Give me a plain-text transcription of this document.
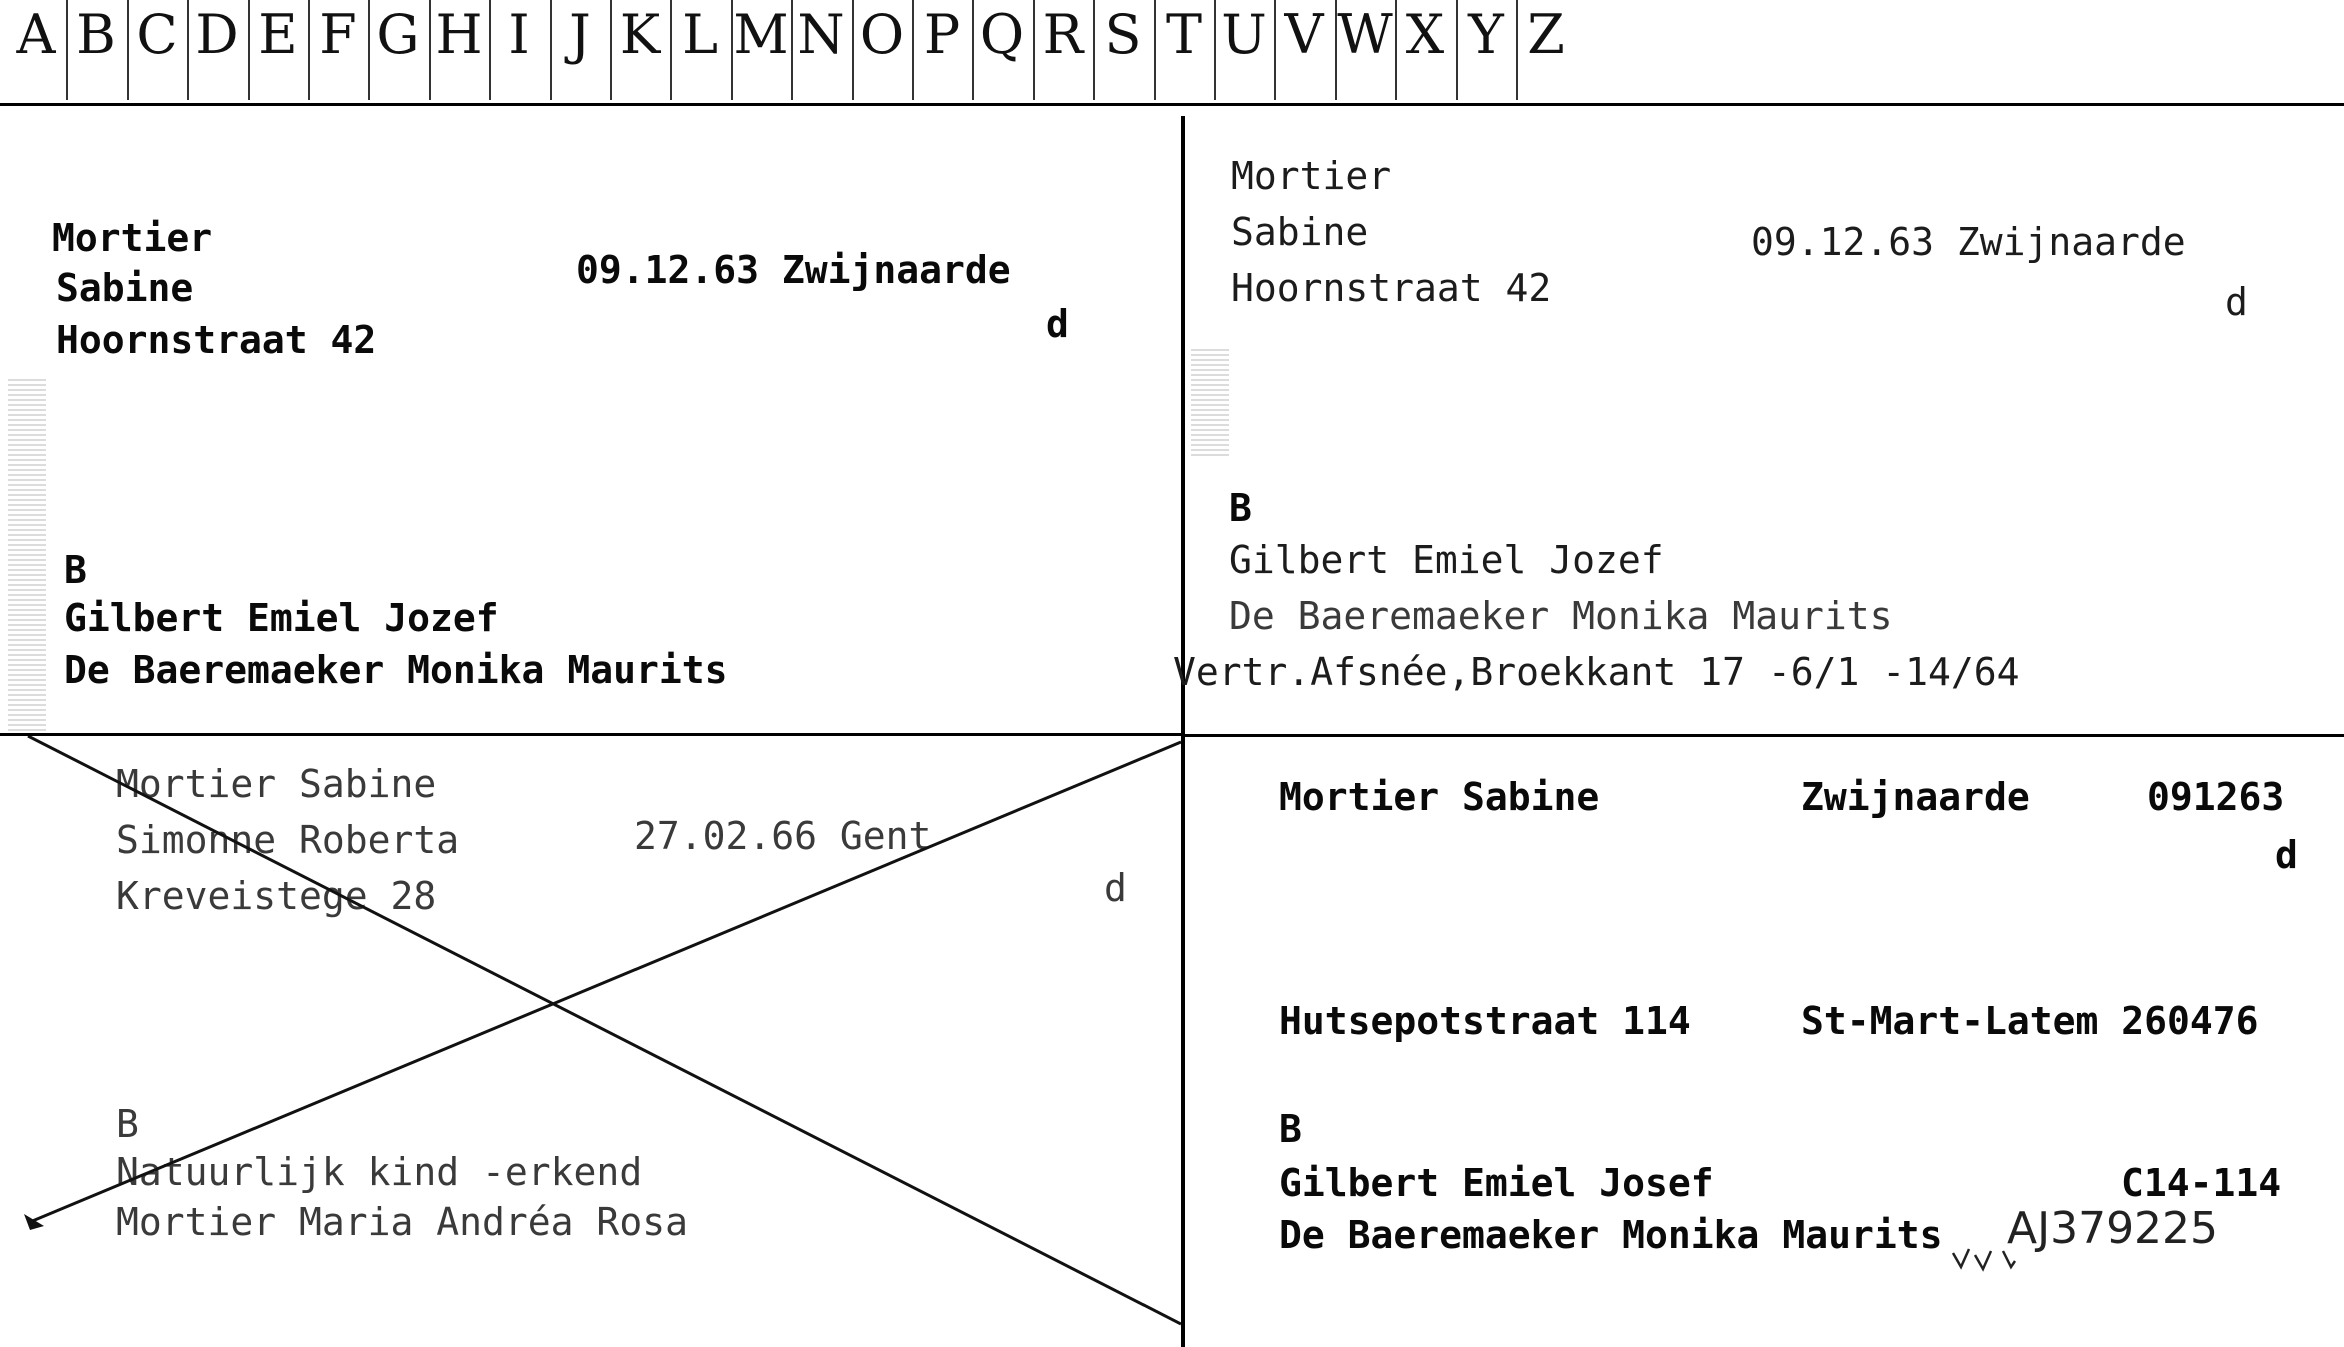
A B C D E F G H I J K L M N O P Q R S T U V W X Y Z
Mortier
Sabine	09.12.63 Zwijnaarde
Hoornstraat 42	d
B
Gilbert Emiel Jozef
De Baeremaeker Monika Maurits
Mortier
Sabine	09.12.63 Zwijnaarde
Hoornstraat 42	d
B
Gilbert Emiel Jozef
De Baeremaeker Monika Maurits
Vertr.Afsnée,Broekkant 17 -6/1 -14/64
Mortier Sabine
Simonne Roberta	27.02.66 Gent
Kreveistege 28	d
B
Natuurlijk kind -erkend
Mortier Maria Andréa Rosa
Mortier Sabine	Zwijnaarde	091263
d
Hutsepotstraat 114	St-Mart-Latem 260476
B
Gilbert Emiel Josef	C14-114
De Baeremaeker Monika Maurits AJ379225
